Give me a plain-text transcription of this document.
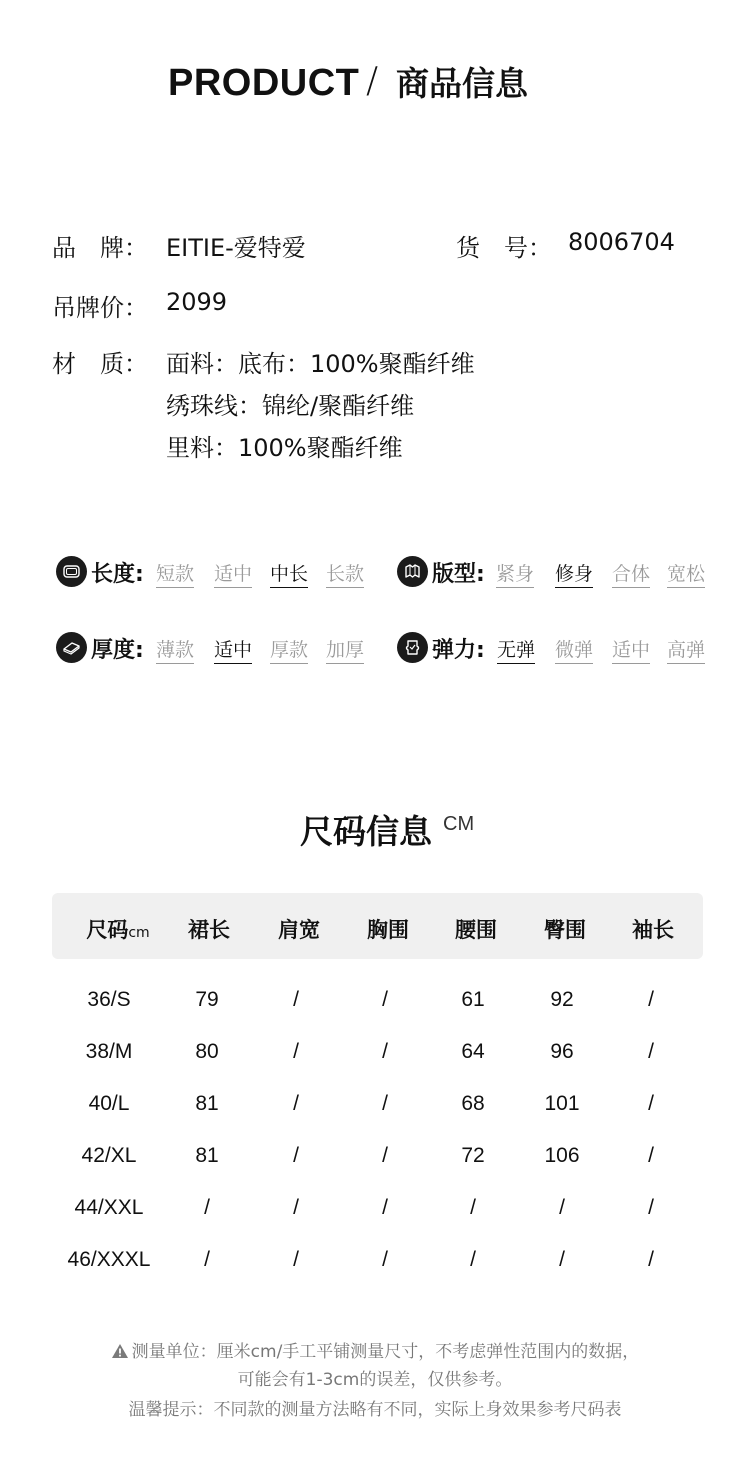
PRODUCT / 商品信息
品　牌： EITIE-爱特爱	货　号： 8006704
吊牌价： 2099
材　质： 面料：底布：100%聚酯纤维
绣珠线：锦纶/聚酯纤维
里料：100%聚酯纤维
长度: 短款 适中 中长 长款	版型: 紧身 修身 合体 宽松
厚度: 薄款 适中 厚款 加厚	弹力: 无弹 微弹 适中 高弹
尺码信息 CM
尺码cm 裙长 肩宽 胸围 腰围 臀围 袖长
36/S	79	/	/	61	92	/
38/M	80	/	/	64	96	/
40/L	81	/	/	68	101	/
42/XL	81	/	/	72	106	/
44/XXL	/	/	/	/	/	/
46/XXXL	/	/	/	/	/	/
测量单位：厘米cm/手工平铺测量尺寸，不考虑弹性范围内的数据，
可能会有1-3cm的误差，仅供参考。
温馨提示：不同款的测量方法略有不同，实际上身效果参考尺码表
